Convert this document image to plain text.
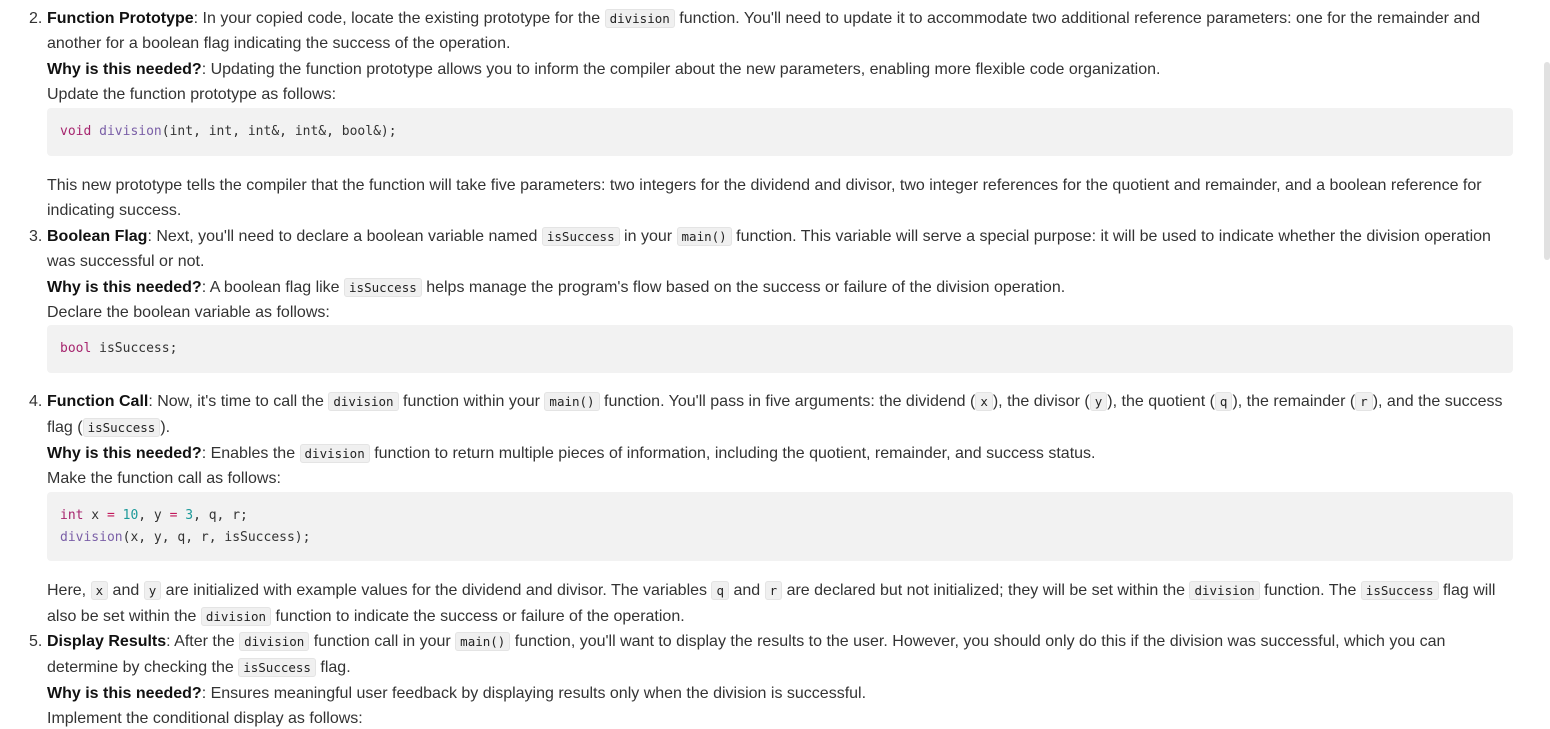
2. Function Prototype: In your copied code, locate the existing prototype for the division function. You'll need to update it to accommodate two additional reference parameters: one for the remainder and
another for a boolean flag indicating the success of the operation.
Why is this needed?: Updating the function prototype allows you to inform the compiler about the new parameters, enabling more flexible code organization.
Update the function prototype as follows:
void division(int, int, int&, int&, bool&);
This new prototype tells the compiler that the function will take five parameters: two integers for the dividend and divisor, two integer references for the quotient and remainder, and a boolean reference for
indicating success.
3. Boolean Flag: Next, you'll need to declare a boolean variable named isSuccess in your main() function. This variable will serve a special purpose: it will be used to indicate whether the division operation
was successful or not.
Why is this needed?: A boolean flag like isSuccess helps manage the program's flow based on the success or failure of the division operation.
Declare the boolean variable as follows:
bool isSuccess;
4. Function Call: Now, it's time to call the division function within your main() function. You'll pass in five arguments: the dividend ( x ), the divisor ( y ), the quotient ( q ), the remainder ( r ), and the success
flag ( isSuccess ).
Why is this needed?: Enables the division function to return multiple pieces of information, including the quotient, remainder, and success status.
Make the function call as follows:
int x = 10, y = 3, q, r;
division(x, y, q, r, isSuccess);
Here, x and y are initialized with example values for the dividend and divisor. The variables q and r are declared but not initialized; they will be set within the division function. The isSuccess flag will
also be set within the division function to indicate the success or failure of the operation.
5. Display Results: After the division function call in your main() function, you'll want to display the results to the user. However, you should only do this if the division was successful, which you can
determine by checking the isSuccess flag.
Why is this needed?: Ensures meaningful user feedback by displaying results only when the division is successful.
Implement the conditional display as follows:
